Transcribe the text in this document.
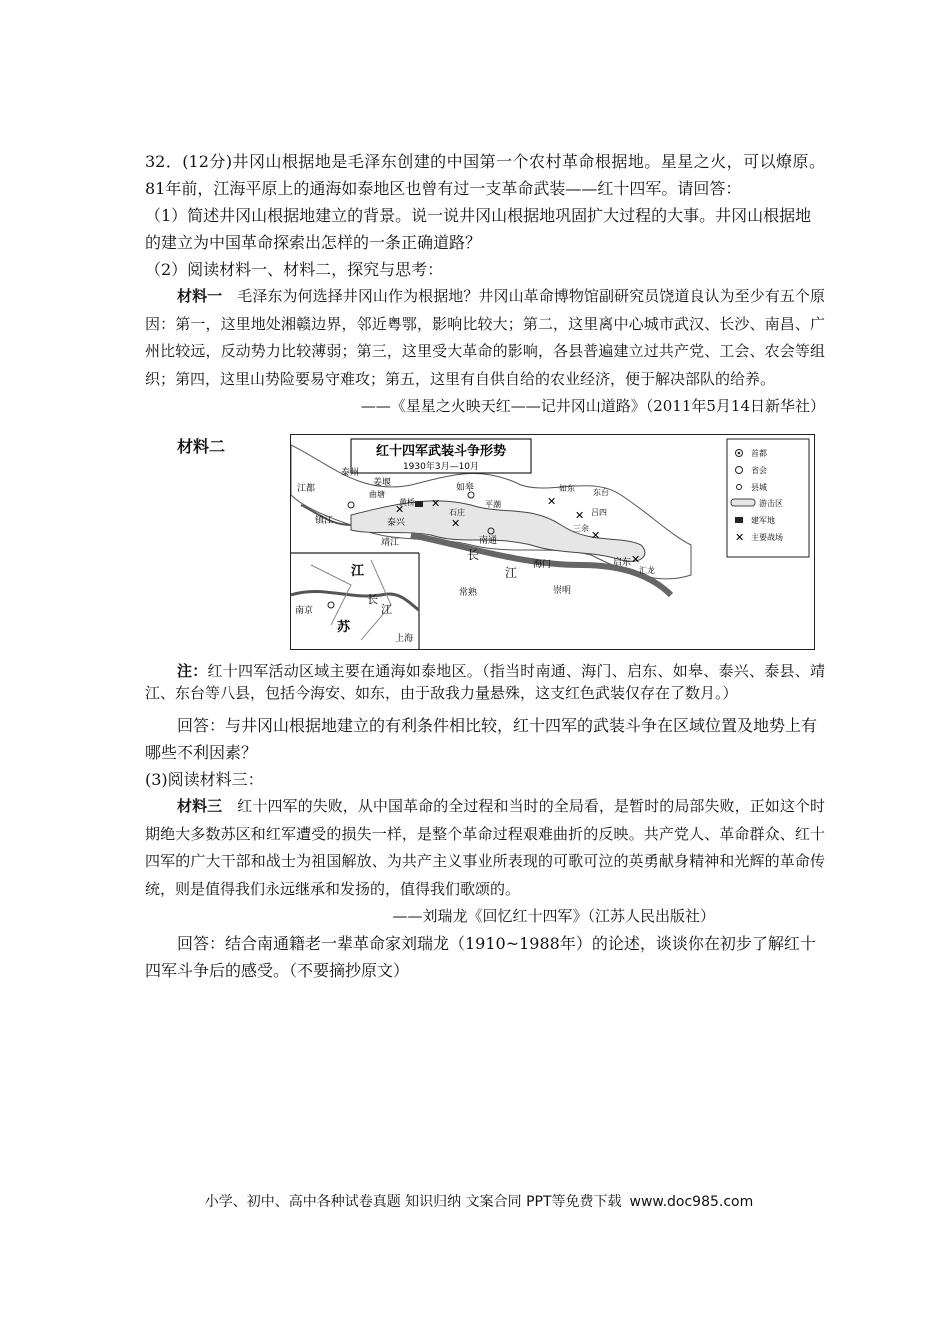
32．(12分)井冈山根据地是毛泽东创建的中国第一个农村革命根据地。星星之火，可以燎原。81年前，江海平原上的通海如泰地区也曾有过一支革命武装——红十四军。请回答：

（1）简述井冈山根据地建立的背景。说一说井冈山根据地巩固扩大过程的大事。井冈山根据地的建立为中国革命探索出怎样的一条正确道路？

（2）阅读材料一、材料二，探究与思考：

材料一　 毛泽东为何选择井冈山作为根据地？井冈山革命博物馆副研究员饶道良认为至少有五个原因：第一，这里地处湘赣边界，邻近粤鄂，影响比较大；第二，这里离中心城市武汉、长沙、南昌、广州比较远，反动势力比较薄弱；第三，这里受大革命的影响，各县普遍建立过共产党、工会、农会等组织；第四，这里山势险要易守难攻；第五，这里有自供自给的农业经济，便于解决部队的给养。

——《星星之火映天红——记井冈山道路》（2011年5月14日新华社）

材料二	红十四军武装斗争形势
1930年3月—10月
首都
省会
县城
游击区
建军地
✕ 主要战场
江都
泰州
姜堰
曲塘
如皋
镇江	泰兴
黄桥
靖江	南通
海门	启东
如东 东台
石庄
平潮
三余
汇龙
南京
常熟
上海
崇明
吕四
长
江
江
苏
长
江
✕ ✕
✕
✕
✕
✕
✕

注：红十四军活动区域主要在通海如泰地区。（指当时南通、海门、启东、如皋、泰兴、泰县、靖江、东台等八县，包括今海安、如东，由于敌我力量悬殊，这支红色武装仅存在了数月。）

回答：与井冈山根据地建立的有利条件相比较，红十四军的武装斗争在区域位置及地势上有哪些不利因素？

(3)阅读材料三：

材料三　 红十四军的失败，从中国革命的全过程和当时的全局看，是暂时的局部失败，正如这个时期绝大多数苏区和红军遭受的损失一样，是整个革命过程艰难曲折的反映。共产党人、革命群众、红十四军的广大干部和战士为祖国解放、为共产主义事业所表现的可歌可泣的英勇献身精神和光辉的革命传统，则是值得我们永远继承和发扬的，值得我们歌颂的。

——刘瑞龙《回忆红十四军》（江苏人民出版社）

回答：结合南通籍老一辈革命家刘瑞龙（1910~1988年）的论述，谈谈你在初步了解红十四军斗争后的感受。（不要摘抄原文）

小学、初中、高中各种试卷真题 知识归纳 文案合同 PPT等免费下载 www.doc985.com
